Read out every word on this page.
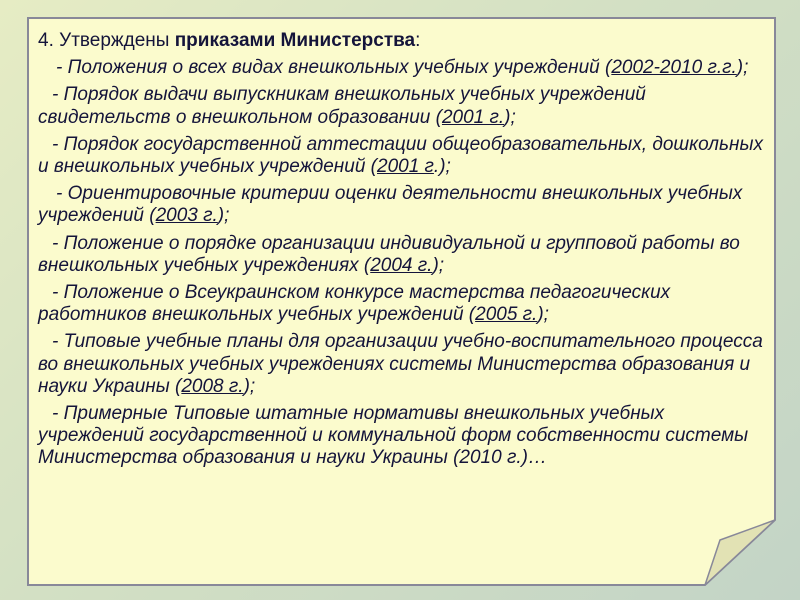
4. Утверждены приказами Министерства:
- Положения о всех видах внешкольных учебных учреждений (2002-2010 г.г.);
- Порядок выдачи выпускникам внешкольных учебных учреждений свидетельств о внешкольном образовании (2001 г.);
- Порядок государственной аттестации общеобразовательных, дошкольных и внешкольных учебных учреждений (2001 г.);
- Ориентировочные критерии оценки деятельности внешкольных учебных учреждений (2003 г.);
- Положение о порядке организации индивидуальной и групповой работы во внешкольных учебных учреждениях (2004 г.);
- Положение о Всеукраинском конкурсе мастерства педагогических работников внешкольных учебных учреждений (2005 г.);
- Типовые учебные планы для организации учебно-воспитательного процесса во внешкольных учебных учреждениях системы Министерства образования и науки Украины (2008 г.);
- Примерные Типовые штатные нормативы внешкольных учебных учреждений государственной и коммунальной форм собственности системы Министерства образования и науки Украины (2010 г.)…
